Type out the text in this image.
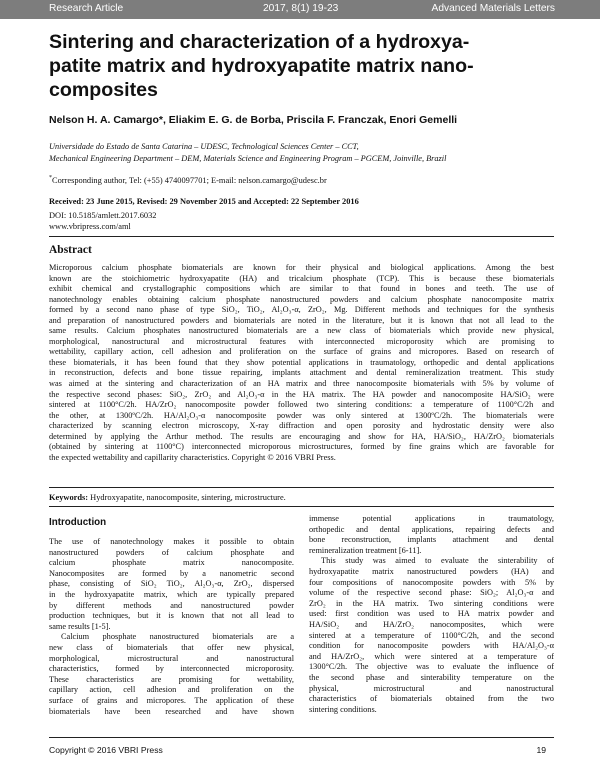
Research Article	2017, 8(1) 19-23	Advanced Materials Letters
Sintering and characterization of a hydroxya-
patite matrix and hydroxyapatite matrix nano-
composites
Nelson H. A. Camargo*, Eliakim E. G. de Borba, Priscila F. Franczak, Enori Gemelli
Universidade do Estado de Santa Catarina – UDESC, Technological Sciences Center – CCT,
Mechanical Engineering Department – DEM, Materials Science and Engineering Program – PGCEM, Joinville, Brazil
*Corresponding author, Tel: (+55) 4740097701; E-mail: nelson.camargo@udesc.br
Received: 23 June 2015, Revised: 29 November 2015 and Accepted: 22 September 2016
DOI: 10.5185/amlett.2017.6032
www.vbripress.com/aml
Abstract
Microporous calcium phosphate biomaterials are known for their physical and biological applications. Among the best
known are the stoichiometric hydroxyapatite (HA) and tricalcium phosphate (TCP). This is because these biomaterials
exhibit chemical and crystallographic compositions which are similar to that found in bones and teeth. The use of
nanotechnology enables obtaining calcium phosphate nanostructured powders and calcium phosphate nanocomposite matrix
formed by a second nano phase of type SiO₂, TiO₂, Al₂O₃-α, ZrO₂, Mg. Different methods and techniques for the synthesis
and preparation of nanostructured powders and biomaterials are noted in the literature, but it is known that not all lead to the
same results. Calcium phosphates nanostructured biomaterials are a new class of biomaterials which provide new physical,
morphological, nanostructural and microstructural features with interconnected microporosity which are promising to
wettability, capillary action, cell adhesion and proliferation on the surface of grains and micropores. Based on research of
these biomaterials, it has been found that they show potential applications in traumatology, orthopedic and dental applications
in reconstruction, defects and bone tissue repairing, implants attachment and dental remineralization treatment. This study
was aimed at the sintering and characterization of an HA matrix and three nanocomposite biomaterials with 5% by volume of
the respective second phases: SiO₂, ZrO₂ and Al₂O₃-α in the HA matrix. The HA powder and nanocomposite HA/SiO₂ were
sintered at 1100°C/2h. HA/ZrO₂ nanocomposite powder followed two sintering conditions: a temperature of 1100°C/2h and
the other, at 1300ºC/2h. HA/Al₂O₃-α nanocomposite powder was only sintered at 1300ºC/2h. The biomaterials were
characterized by scanning electron microscopy, X-ray diffraction and open porosity and hydrostatic density were also
determined by applying the Arthur method. The results are encouraging and show for HA, HA/SiO₂, HA/ZrO₂ biomaterials
(obtained by sintering at 1100°C) interconnected microporous microstructures, formed by fine grains which are favorable for
the expected wettability and capillarity characteristics. Copyright © 2016 VBRI Press.
Keywords: Hydroxyapatite, nanocomposite, sintering, microstructure.
Introduction
The use of nanotechnology makes it possible to obtain
nanostructured powders of calcium phosphate and
calcium phosphate matrix nanocomposite.
Nanocomposites are formed by a nanometric second
phase, consisting of SiO₂ TiO₂, Al₂O₃-α, ZrO₂, dispersed
in the hydroxyapatite matrix, which are typically prepared
by different methods and nanostructured powder
production techniques, but it is known that not all lead to
same results [1-5].
Calcium phosphate nanostructured biomaterials are a
new class of biomaterials that offer new physical,
morphological, microstructural and nanostructural
characteristics, formed by interconnected microporosity.
These characteristics are promising for wettability,
capillary action, cell adhesion and proliferation on the
surface of grains and micropores. The application of these
biomaterials have been researched and have shown
immense potential applications in traumatology,
orthopedic and dental applications, repairing defects and
bone reconstruction, implants attachment and dental
remineralization treatment [6-11].
This study was aimed to evaluate the sinterability of
hydroxyapatite matrix nanostructured powders (HA) and
four compositions of nanocomposite powders with 5% by
volume of the respective second phase: SiO₂; Al₂O₃-α and
ZrO₂ in the HA matrix. Two sintering conditions were
used: first condition was used to HA matrix powder and
HA/SiO₂ and HA/ZrO₂ nanocomposites, which were
sintered at a temperature of 1100°C/2h, and the second
condition for nanocomposite powders with HA/Al₂O₃-α
and HA/ZrO₂, which were sintered at a temperature of
1300°C/2h. The objective was to evaluate the influence of
the second phase and sinterability temperature on the
physical, microstructural and nanostructural
characteristics of biomaterials obtained from the two
sintering conditions.
Copyright © 2016 VBRI Press	19
